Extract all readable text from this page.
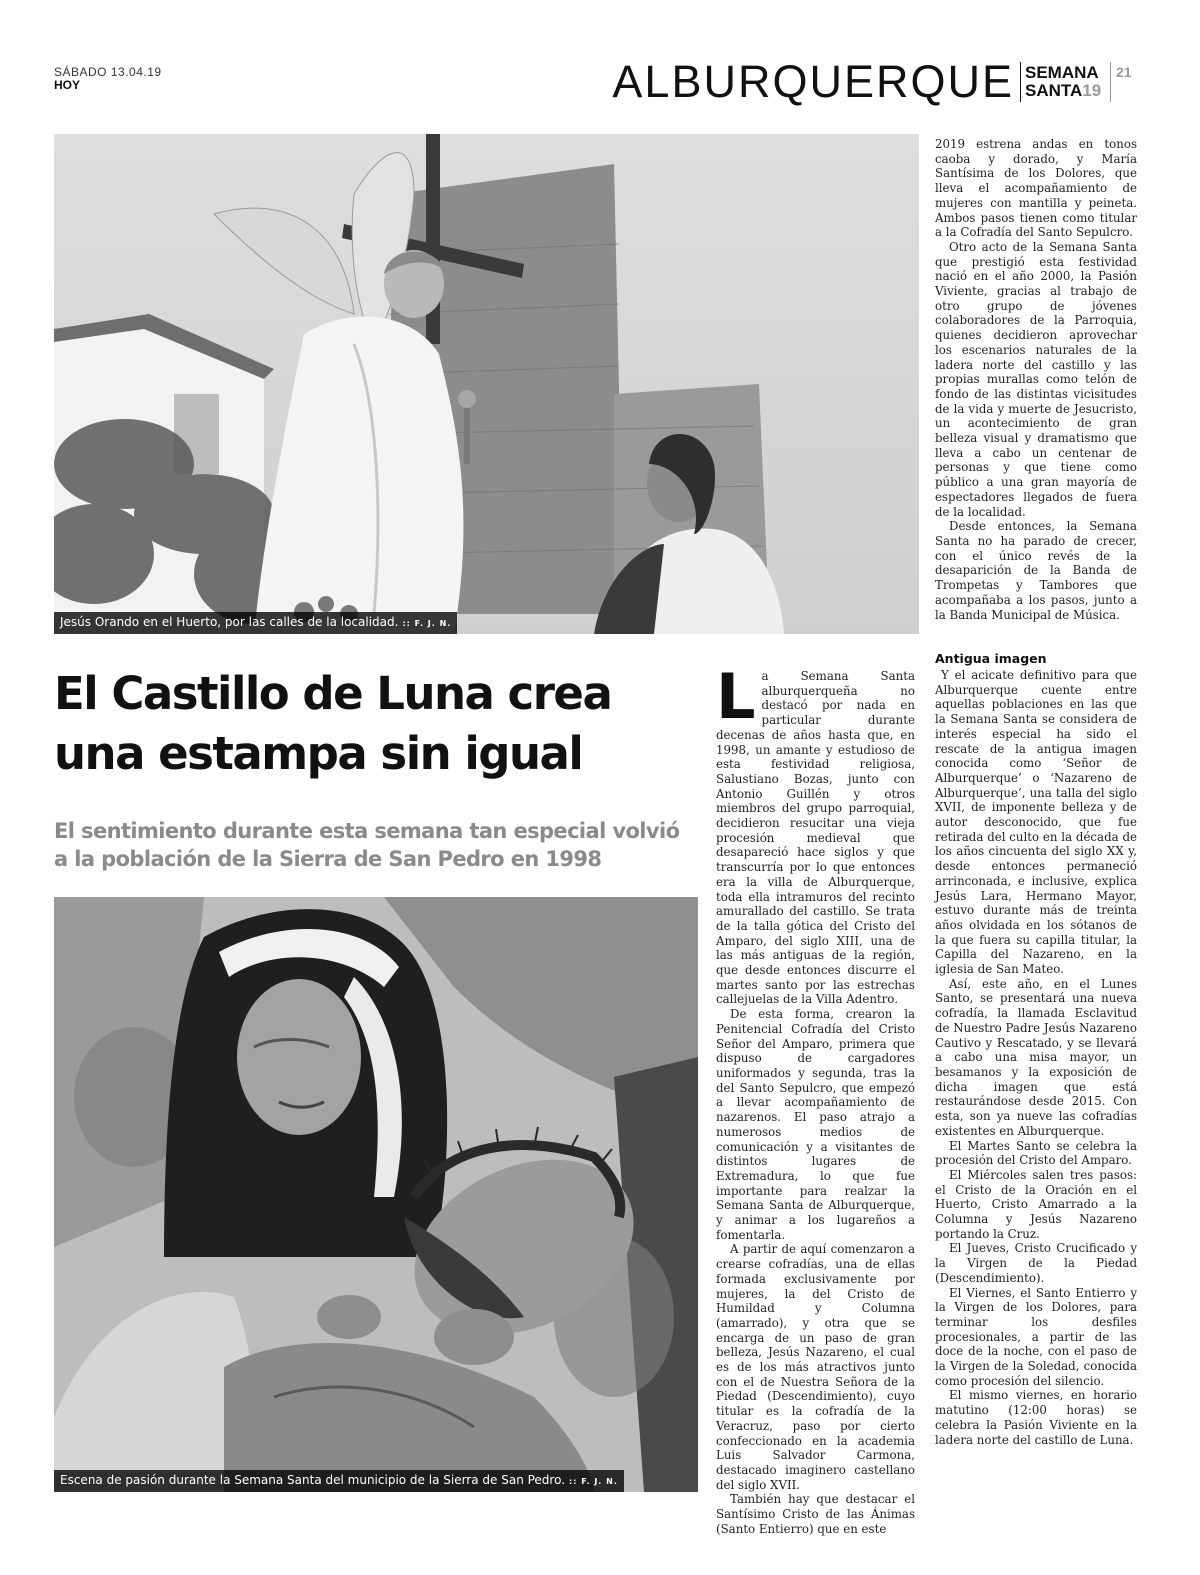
SÁBADO 13.04.19
HOY	ALBURQUERQUE SEMANA
SANTA19
21
Jesús Orando en el Huerto, por las calles de la localidad. :: F. J. N.
El Castillo de Luna crea una estampa sin igual
El sentimiento durante esta semana tan especial volvió a la población de la Sierra de San Pedro en 1998
Escena de pasión durante la Semana Santa del municipio de la Sierra de San Pedro. :: F. J. N.
L a Semana Santa alburquerqueña no destacó por nada en particular durante decenas de años hasta que, en 1998, un amante y estudioso de esta festividad religiosa, Salustiano Bozas, junto con Antonio Guillén y otros miembros del grupo parroquial, decidieron resucitar una vieja procesión medieval que desapareció hace siglos y que transcurría por lo que entonces era la villa de Alburquerque, toda ella intramuros del recinto amurallado del castillo. Se trata de la talla gótica del Cristo del Amparo, del siglo XIII, una de las más antiguas de la región, que desde entonces discurre el martes santo por las estrechas callejuelas de la Villa Adentro.

De esta forma, crearon la Penitencial Cofradía del Cristo Señor del Amparo, primera que dispuso de cargadores uniformados y segunda, tras la del Santo Sepulcro, que empezó a llevar acompañamiento de nazarenos. El paso atrajo a numerosos medios de comunicación y a visitantes de distintos lugares de Extremadura, lo que fue importante para realzar la Semana Santa de Alburquerque, y animar a los lugareños a fomentarla.

A partir de aquí comenzaron a crearse cofradías, una de ellas formada exclusivamente por mujeres, la del Cristo de Humildad y Columna (amarrado), y otra que se encarga de un paso de gran belleza, Jesús Nazareno, el cual es de los más atractivos junto con el de Nuestra Señora de la Piedad (Descendimiento), cuyo titular es la cofradía de la Veracruz, paso por cierto confeccionado en la academia Luis Salvador Carmona, destacado imaginero castellano del siglo XVII.

También hay que destacar el Santísimo Cristo de las Ánimas (Santo Entierro) que en este

2019 estrena andas en tonos caoba y dorado, y María Santísima de los Dolores, que lleva el acompañamiento de mujeres con mantilla y peineta. Ambos pasos tienen como titular a la Cofradía del Santo Sepulcro.

Otro acto de la Semana Santa que prestigió esta festividad nació en el año 2000, la Pasión Viviente, gracias al trabajo de otro grupo de jóvenes colaboradores de la Parroquia, quienes decidieron aprovechar los escenarios naturales de la ladera norte del castillo y las propias murallas como telón de fondo de las distintas vicisitudes de la vida y muerte de Jesucristo, un acontecimiento de gran belleza visual y dramatismo que lleva a cabo un centenar de personas y que tiene como público a una gran mayoría de espectadores llegados de fuera de la localidad.

Desde entonces, la Semana Santa no ha parado de crecer, con el único revés de la desaparición de la Banda de Trompetas y Tambores que acompañaba a los pasos, junto a la Banda Municipal de Música.

Antigua imagen

Y el acicate definitivo para que Alburquerque cuente entre aquellas poblaciones en las que la Semana Santa se considera de interés especial ha sido el rescate de la antigua imagen conocida como ‘Señor de Alburquerque’ o ‘Nazareno de Alburquerque’, una talla del siglo XVII, de imponente belleza y de autor desconocido, que fue retirada del culto en la década de los años cincuenta del siglo XX y, desde entonces permaneció arrinconada, e inclusive, explica Jesús Lara, Hermano Mayor, estuvo durante más de treinta años olvidada en los sótanos de la que fuera su capilla titular, la Capilla del Nazareno, en la iglesia de San Mateo.

Así, este año, en el Lunes Santo, se presentará una nueva cofradía, la llamada Esclavitud de Nuestro Padre Jesús Nazareno Cautivo y Rescatado, y se llevará a cabo una misa mayor, un besamanos y la exposición de dicha imagen que está restaurándose desde 2015. Con esta, son ya nueve las cofradías existentes en Alburquerque.

El Martes Santo se celebra la procesión del Cristo del Amparo.

El Miércoles salen tres pasos: el Cristo de la Oración en el Huerto, Cristo Amarrado a la Columna y Jesús Nazareno portando la Cruz.

El Jueves, Cristo Crucificado y la Virgen de la Piedad (Descendimiento).

El Viernes, el Santo Entierro y la Virgen de los Dolores, para terminar los desfiles procesionales, a partir de las doce de la noche, con el paso de la Virgen de la Soledad, conocida como procesión del silencio.

El mismo viernes, en horario matutino (12:00 horas) se celebra la Pasión Viviente en la ladera norte del castillo de Luna.
